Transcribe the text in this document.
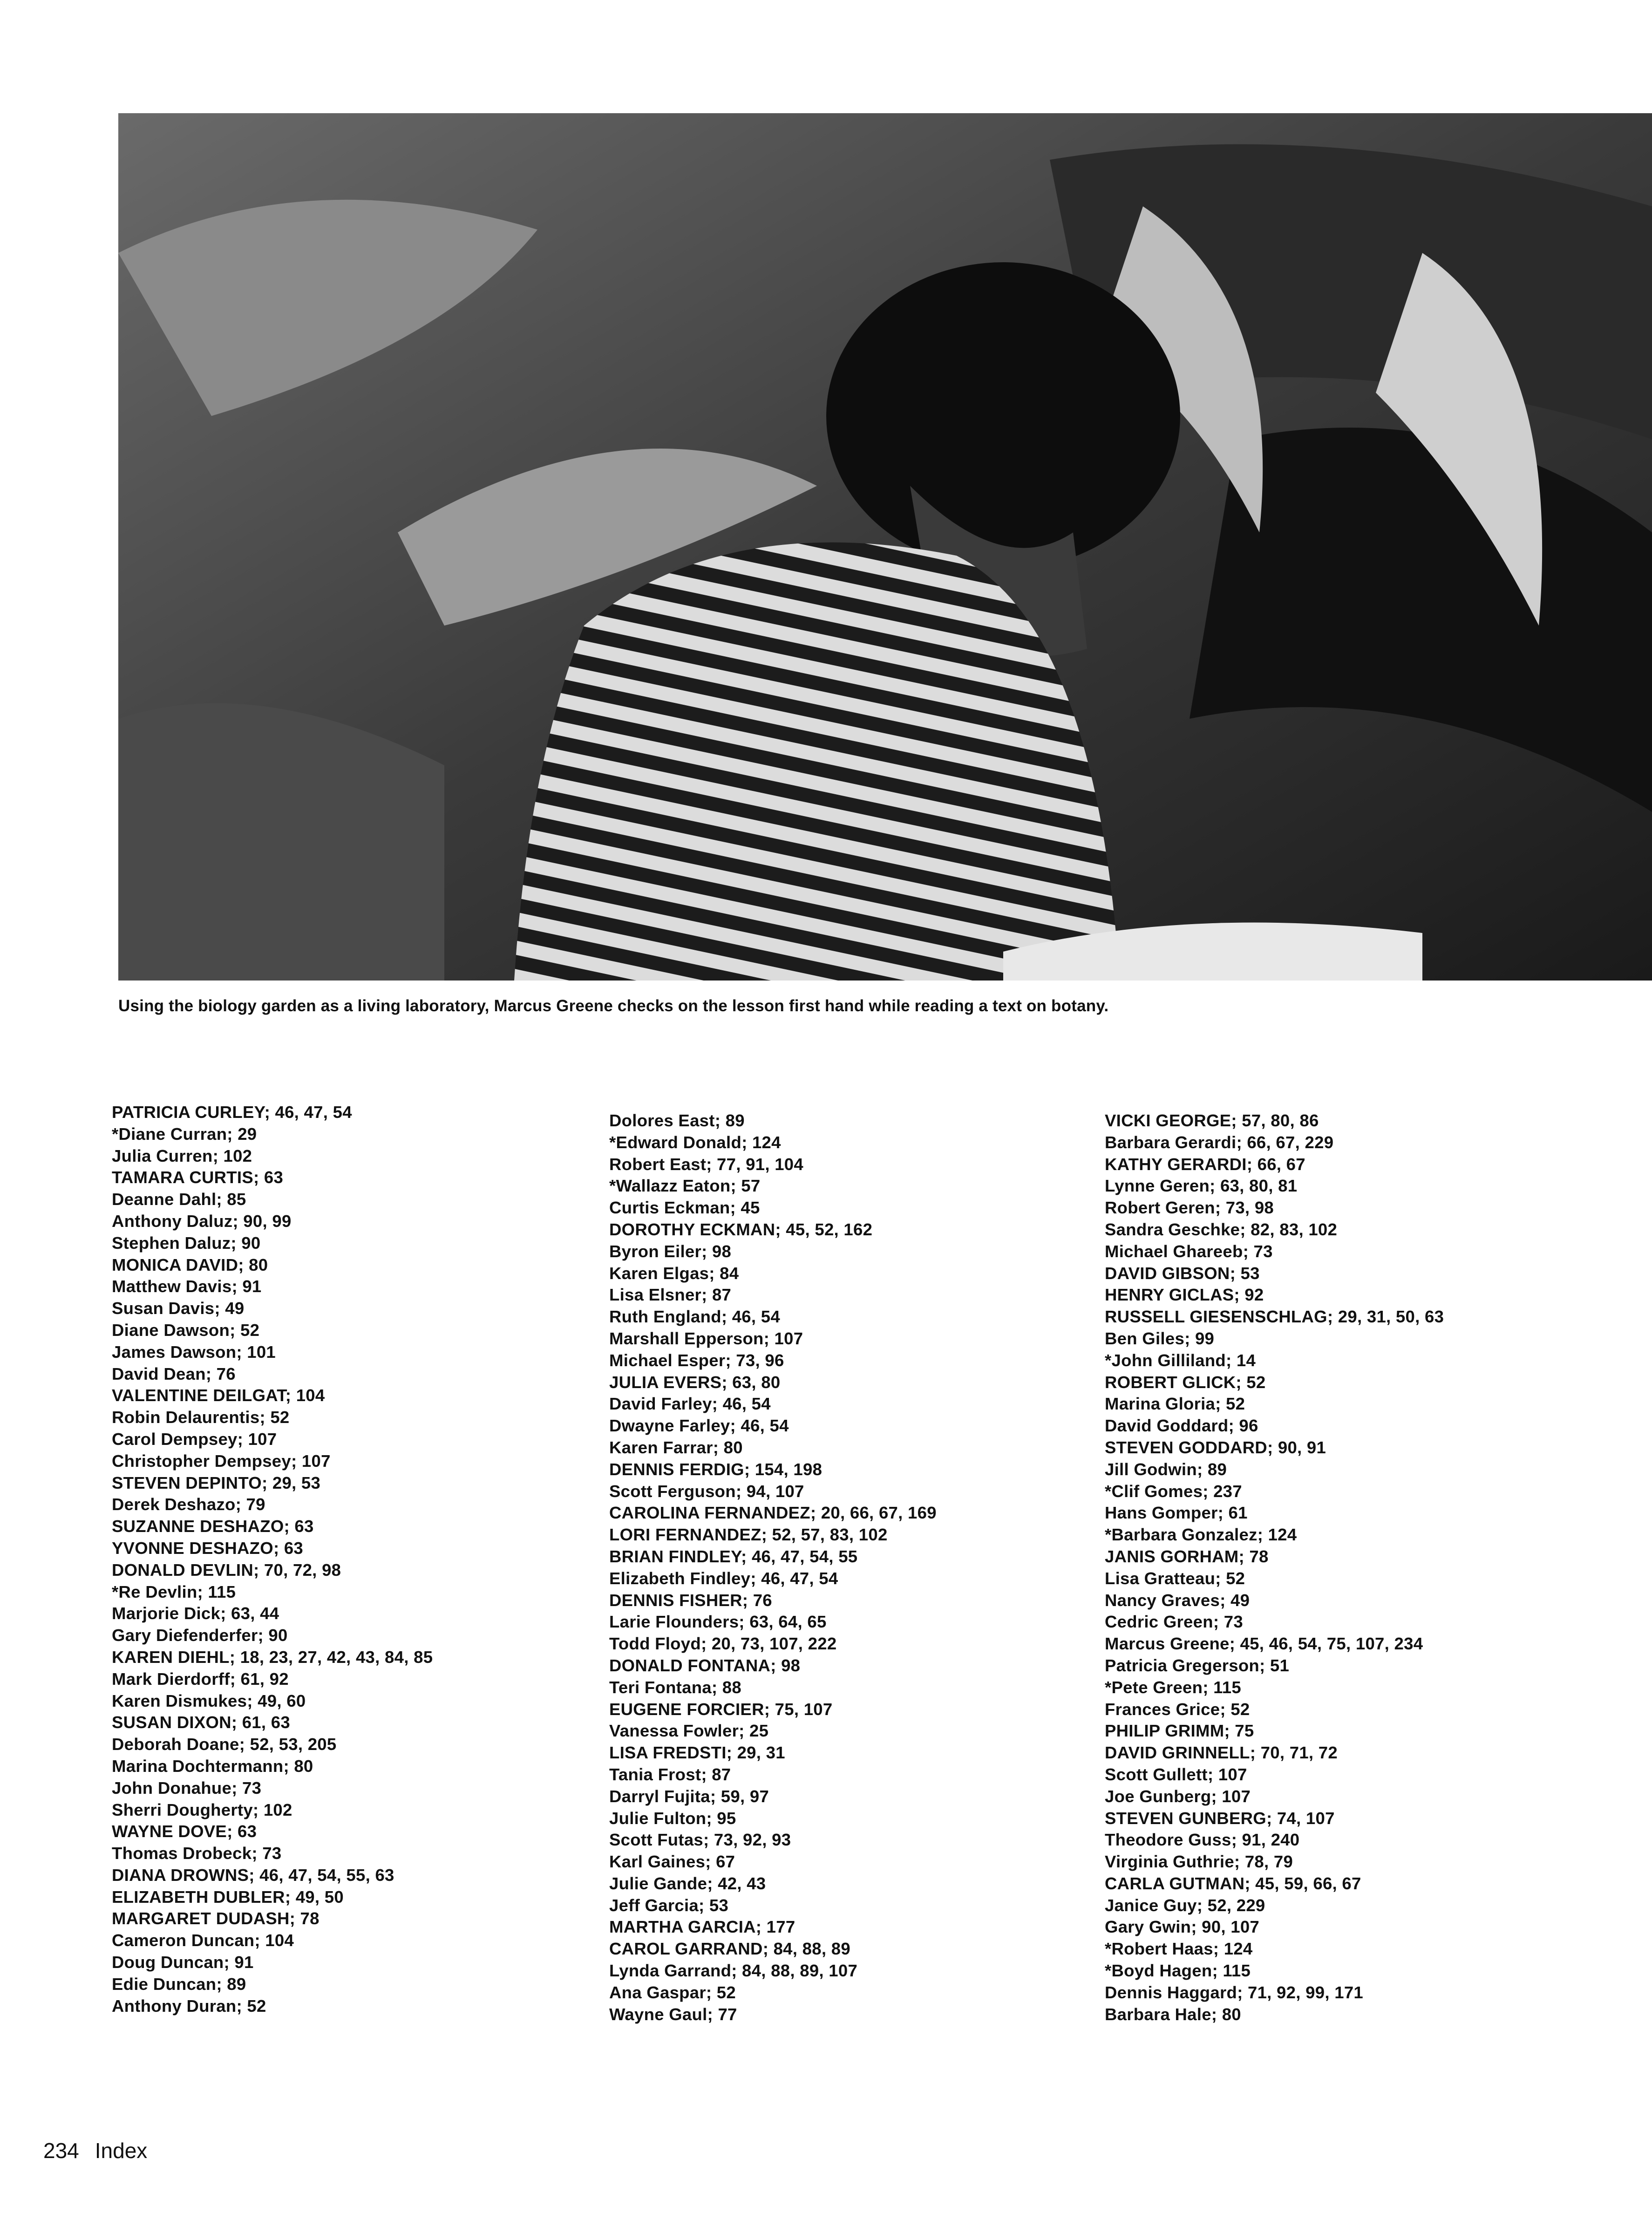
Using the biology garden as a living laboratory, Marcus Greene checks on the lesson first hand while reading a text on botany.
PATRICIA CURLEY; 46, 47, 54
*Diane Curran; 29
Julia Curren; 102
TAMARA CURTIS; 63
Deanne Dahl; 85
Anthony Daluz; 90, 99
Stephen Daluz; 90
MONICA DAVID; 80
Matthew Davis; 91
Susan Davis; 49
Diane Dawson; 52
James Dawson; 101
David Dean; 76
VALENTINE DEILGAT; 104
Robin Delaurentis; 52
Carol Dempsey; 107
Christopher Dempsey; 107
STEVEN DEPINTO; 29, 53
Derek Deshazo; 79
SUZANNE DESHAZO; 63
YVONNE DESHAZO; 63
DONALD DEVLIN; 70, 72, 98
*Re Devlin; 115
Marjorie Dick; 63, 44
Gary Diefenderfer; 90
KAREN DIEHL; 18, 23, 27, 42, 43, 84, 85
Mark Dierdorff; 61, 92
Karen Dismukes; 49, 60
SUSAN DIXON; 61, 63
Deborah Doane; 52, 53, 205
Marina Dochtermann; 80
John Donahue; 73
Sherri Dougherty; 102
WAYNE DOVE; 63
Thomas Drobeck; 73
DIANA DROWNS; 46, 47, 54, 55, 63
ELIZABETH DUBLER; 49, 50
MARGARET DUDASH; 78
Cameron Duncan; 104
Doug Duncan; 91
Edie Duncan; 89
Anthony Duran; 52
Dolores East; 89
*Edward Donald; 124
Robert East; 77, 91, 104
*Wallazz Eaton; 57
Curtis Eckman; 45
DOROTHY ECKMAN; 45, 52, 162
Byron Eiler; 98
Karen Elgas; 84
Lisa Elsner; 87
Ruth England; 46, 54
Marshall Epperson; 107
Michael Esper; 73, 96
JULIA EVERS; 63, 80
David Farley; 46, 54
Dwayne Farley; 46, 54
Karen Farrar; 80
DENNIS FERDIG; 154, 198
Scott Ferguson; 94, 107
CAROLINA FERNANDEZ; 20, 66, 67, 169
LORI FERNANDEZ; 52, 57, 83, 102
BRIAN FINDLEY; 46, 47, 54, 55
Elizabeth Findley; 46, 47, 54
DENNIS FISHER; 76
Larie Flounders; 63, 64, 65
Todd Floyd; 20, 73, 107, 222
DONALD FONTANA; 98
Teri Fontana; 88
EUGENE FORCIER; 75, 107
Vanessa Fowler; 25
LISA FREDSTI; 29, 31
Tania Frost; 87
Darryl Fujita; 59, 97
Julie Fulton; 95
Scott Futas; 73, 92, 93
Karl Gaines; 67
Julie Gande; 42, 43
Jeff Garcia; 53
MARTHA GARCIA; 177
CAROL GARRAND; 84, 88, 89
Lynda Garrand; 84, 88, 89, 107
Ana Gaspar; 52
Wayne Gaul; 77
VICKI GEORGE; 57, 80, 86
Barbara Gerardi; 66, 67, 229
KATHY GERARDI; 66, 67
Lynne Geren; 63, 80, 81
Robert Geren; 73, 98
Sandra Geschke; 82, 83, 102
Michael Ghareeb; 73
DAVID GIBSON; 53
HENRY GICLAS; 92
RUSSELL GIESENSCHLAG; 29, 31, 50, 63
Ben Giles; 99
*John Gilliland; 14
ROBERT GLICK; 52
Marina Gloria; 52
David Goddard; 96
STEVEN GODDARD; 90, 91
Jill Godwin; 89
*Clif Gomes; 237
Hans Gomper; 61
*Barbara Gonzalez; 124
JANIS GORHAM; 78
Lisa Gratteau; 52
Nancy Graves; 49
Cedric Green; 73
Marcus Greene; 45, 46, 54, 75, 107, 234
Patricia Gregerson; 51
*Pete Green; 115
Frances Grice; 52
PHILIP GRIMM; 75
DAVID GRINNELL; 70, 71, 72
Scott Gullett; 107
Joe Gunberg; 107
STEVEN GUNBERG; 74, 107
Theodore Guss; 91, 240
Virginia Guthrie; 78, 79
CARLA GUTMAN; 45, 59, 66, 67
Janice Guy; 52, 229
Gary Gwin; 90, 107
*Robert Haas; 124
*Boyd Hagen; 115
Dennis Haggard; 71, 92, 99, 171
Barbara Hale; 80
234 Index
